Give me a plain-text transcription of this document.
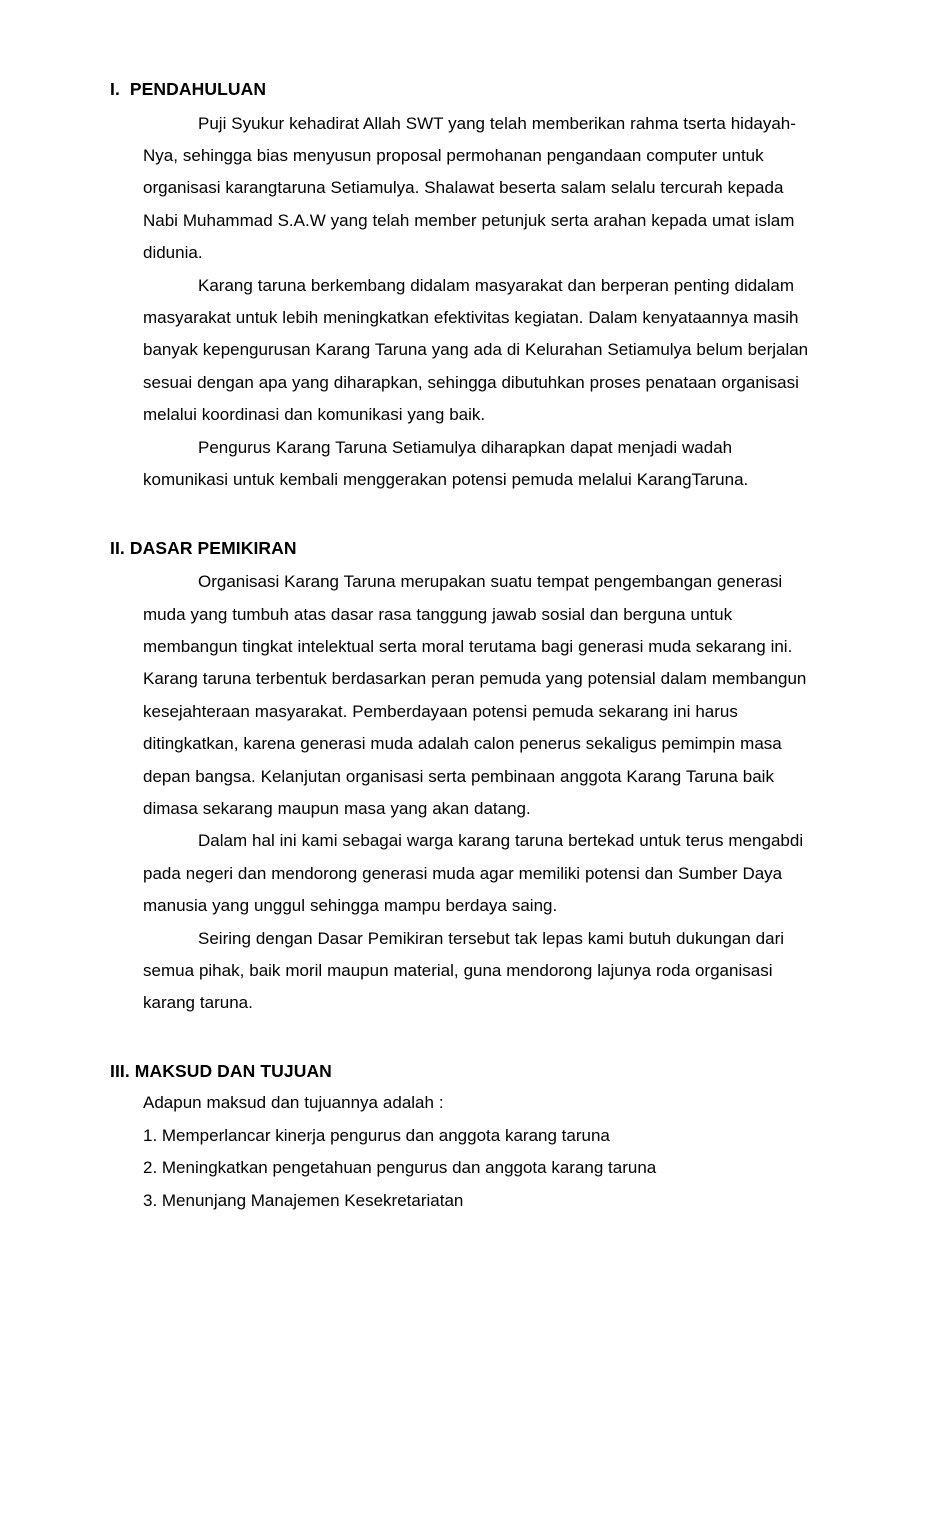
I.  PENDAHULUAN

Puji Syukur kehadirat Allah SWT yang telah memberikan rahma tserta hidayah-Nya, sehingga bias menyusun proposal permohanan pengandaan computer untuk organisasi karangtaruna Setiamulya. Shalawat beserta salam selalu tercurah kepada Nabi Muhammad S.A.W yang telah member petunjuk serta arahan kepada umat islam didunia.

Karang taruna berkembang didalam masyarakat dan berperan penting didalam masyarakat untuk lebih meningkatkan efektivitas kegiatan. Dalam kenyataannya masih banyak kepengurusan Karang Taruna yang ada di Kelurahan Setiamulya belum berjalan sesuai dengan apa yang diharapkan, sehingga dibutuhkan proses penataan organisasi melalui koordinasi dan komunikasi yang baik.

Pengurus Karang Taruna Setiamulya diharapkan dapat menjadi wadah komunikasi untuk kembali menggerakan potensi pemuda melalui KarangTaruna.

II. DASAR PEMIKIRAN

Organisasi Karang Taruna merupakan suatu tempat pengembangan generasi muda yang tumbuh atas dasar rasa tanggung jawab sosial dan berguna untuk membangun tingkat intelektual serta moral terutama bagi generasi muda sekarang ini. Karang taruna terbentuk berdasarkan peran pemuda yang potensial dalam membangun kesejahteraan masyarakat. Pemberdayaan potensi pemuda sekarang ini harus ditingkatkan, karena generasi muda adalah calon penerus sekaligus pemimpin masa depan bangsa. Kelanjutan organisasi serta pembinaan anggota Karang Taruna baik dimasa sekarang maupun masa yang akan datang.

Dalam hal ini kami sebagai warga karang taruna bertekad untuk terus mengabdi pada negeri dan mendorong generasi muda agar memiliki potensi dan Sumber Daya manusia yang unggul sehingga mampu berdaya saing.

Seiring dengan Dasar Pemikiran tersebut tak lepas kami butuh dukungan dari semua pihak, baik moril maupun material, guna mendorong lajunya roda organisasi karang taruna.

III. MAKSUD DAN TUJUAN

Adapun maksud dan tujuannya adalah :

1. Memperlancar kinerja pengurus dan anggota karang taruna
2. Meningkatkan pengetahuan pengurus dan anggota karang taruna
3. Menunjang Manajemen Kesekretariatan
